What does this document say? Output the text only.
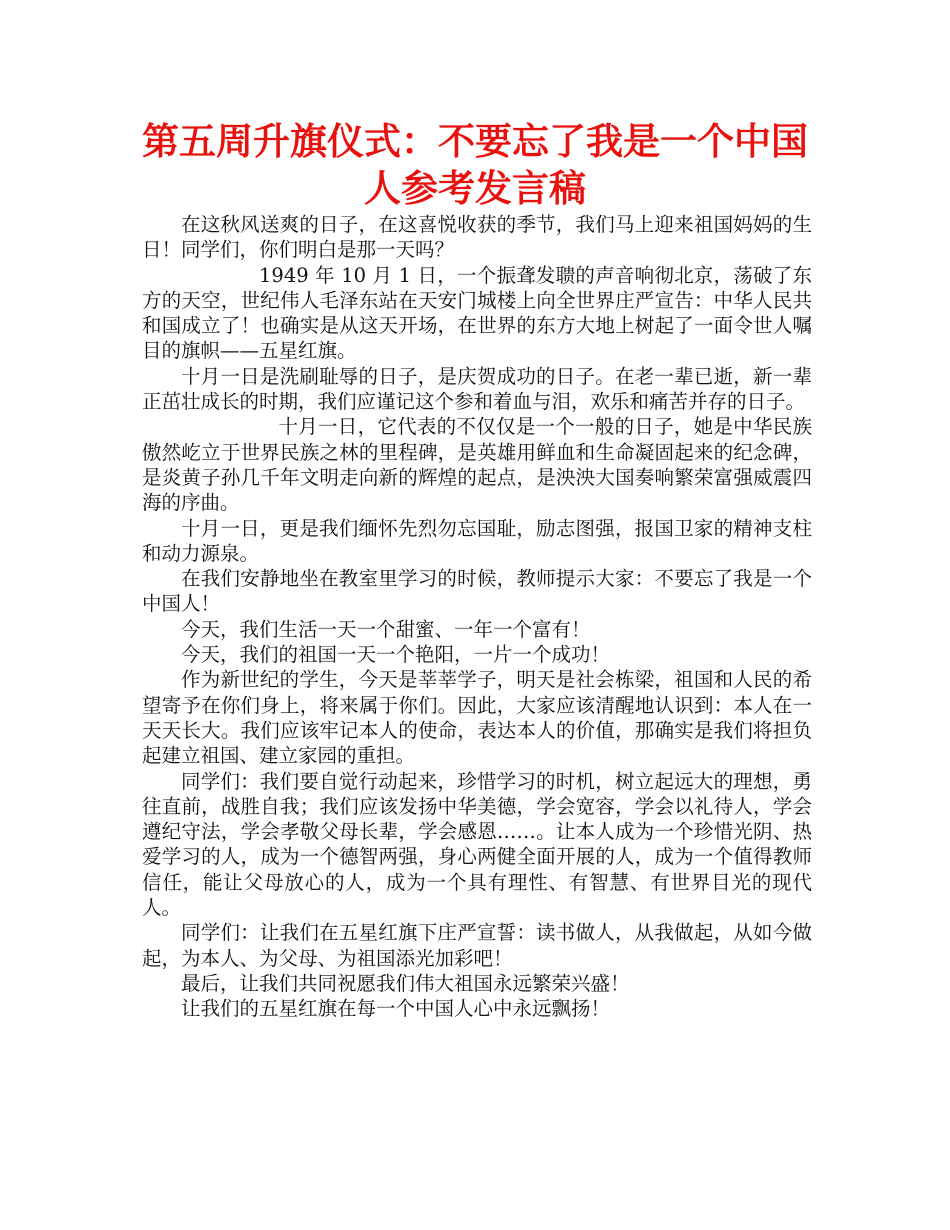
第五周升旗仪式：不要忘了我是一个中国人参考发言稿

在这秋风送爽的日子，在这喜悦收获的季节，我们马上迎来祖国妈妈的生日！同学们，你们明白是那一天吗？

1949 年 10 月 1 日，一个振聋发聩的声音响彻北京，荡破了东方的天空，世纪伟人毛泽东站在天安门城楼上向全世界庄严宣告：中华人民共和国成立了！也确实是从这天开场，在世界的东方大地上树起了一面令世人嘱目的旗帜——五星红旗。

十月一日是洗刷耻辱的日子，是庆贺成功的日子。在老一辈已逝，新一辈正茁壮成长的时期，我们应谨记这个参和着血与泪，欢乐和痛苦并存的日子。

十月一日，它代表的不仅仅是一个一般的日子，她是中华民族傲然屹立于世界民族之林的里程碑，是英雄用鲜血和生命凝固起来的纪念碑，是炎黄子孙几千年文明走向新的辉煌的起点，是泱泱大国奏响繁荣富强威震四海的序曲。

十月一日，更是我们缅怀先烈勿忘国耻，励志图强，报国卫家的精神支柱和动力源泉。

在我们安静地坐在教室里学习的时候，教师提示大家：不要忘了我是一个中国人！

今天，我们生活一天一个甜蜜、一年一个富有！

今天，我们的祖国一天一个艳阳，一片一个成功！

作为新世纪的学生，今天是莘莘学子，明天是社会栋梁，祖国和人民的希望寄予在你们身上，将来属于你们。因此，大家应该清醒地认识到：本人在一天天长大。我们应该牢记本人的使命，表达本人的价值，那确实是我们将担负起建立祖国、建立家园的重担。

同学们：我们要自觉行动起来，珍惜学习的时机，树立起远大的理想，勇往直前，战胜自我；我们应该发扬中华美德，学会宽容，学会以礼待人，学会遵纪守法，学会孝敬父母长辈，学会感恩……。让本人成为一个珍惜光阴、热爱学习的人，成为一个德智两强，身心两健全面开展的人，成为一个值得教师信任，能让父母放心的人，成为一个具有理性、有智慧、有世界目光的现代人。

同学们：让我们在五星红旗下庄严宣誓：读书做人，从我做起，从如今做起，为本人、为父母、为祖国添光加彩吧！

最后，让我们共同祝愿我们伟大祖国永远繁荣兴盛！

让我们的五星红旗在每一个中国人心中永远飘扬！
